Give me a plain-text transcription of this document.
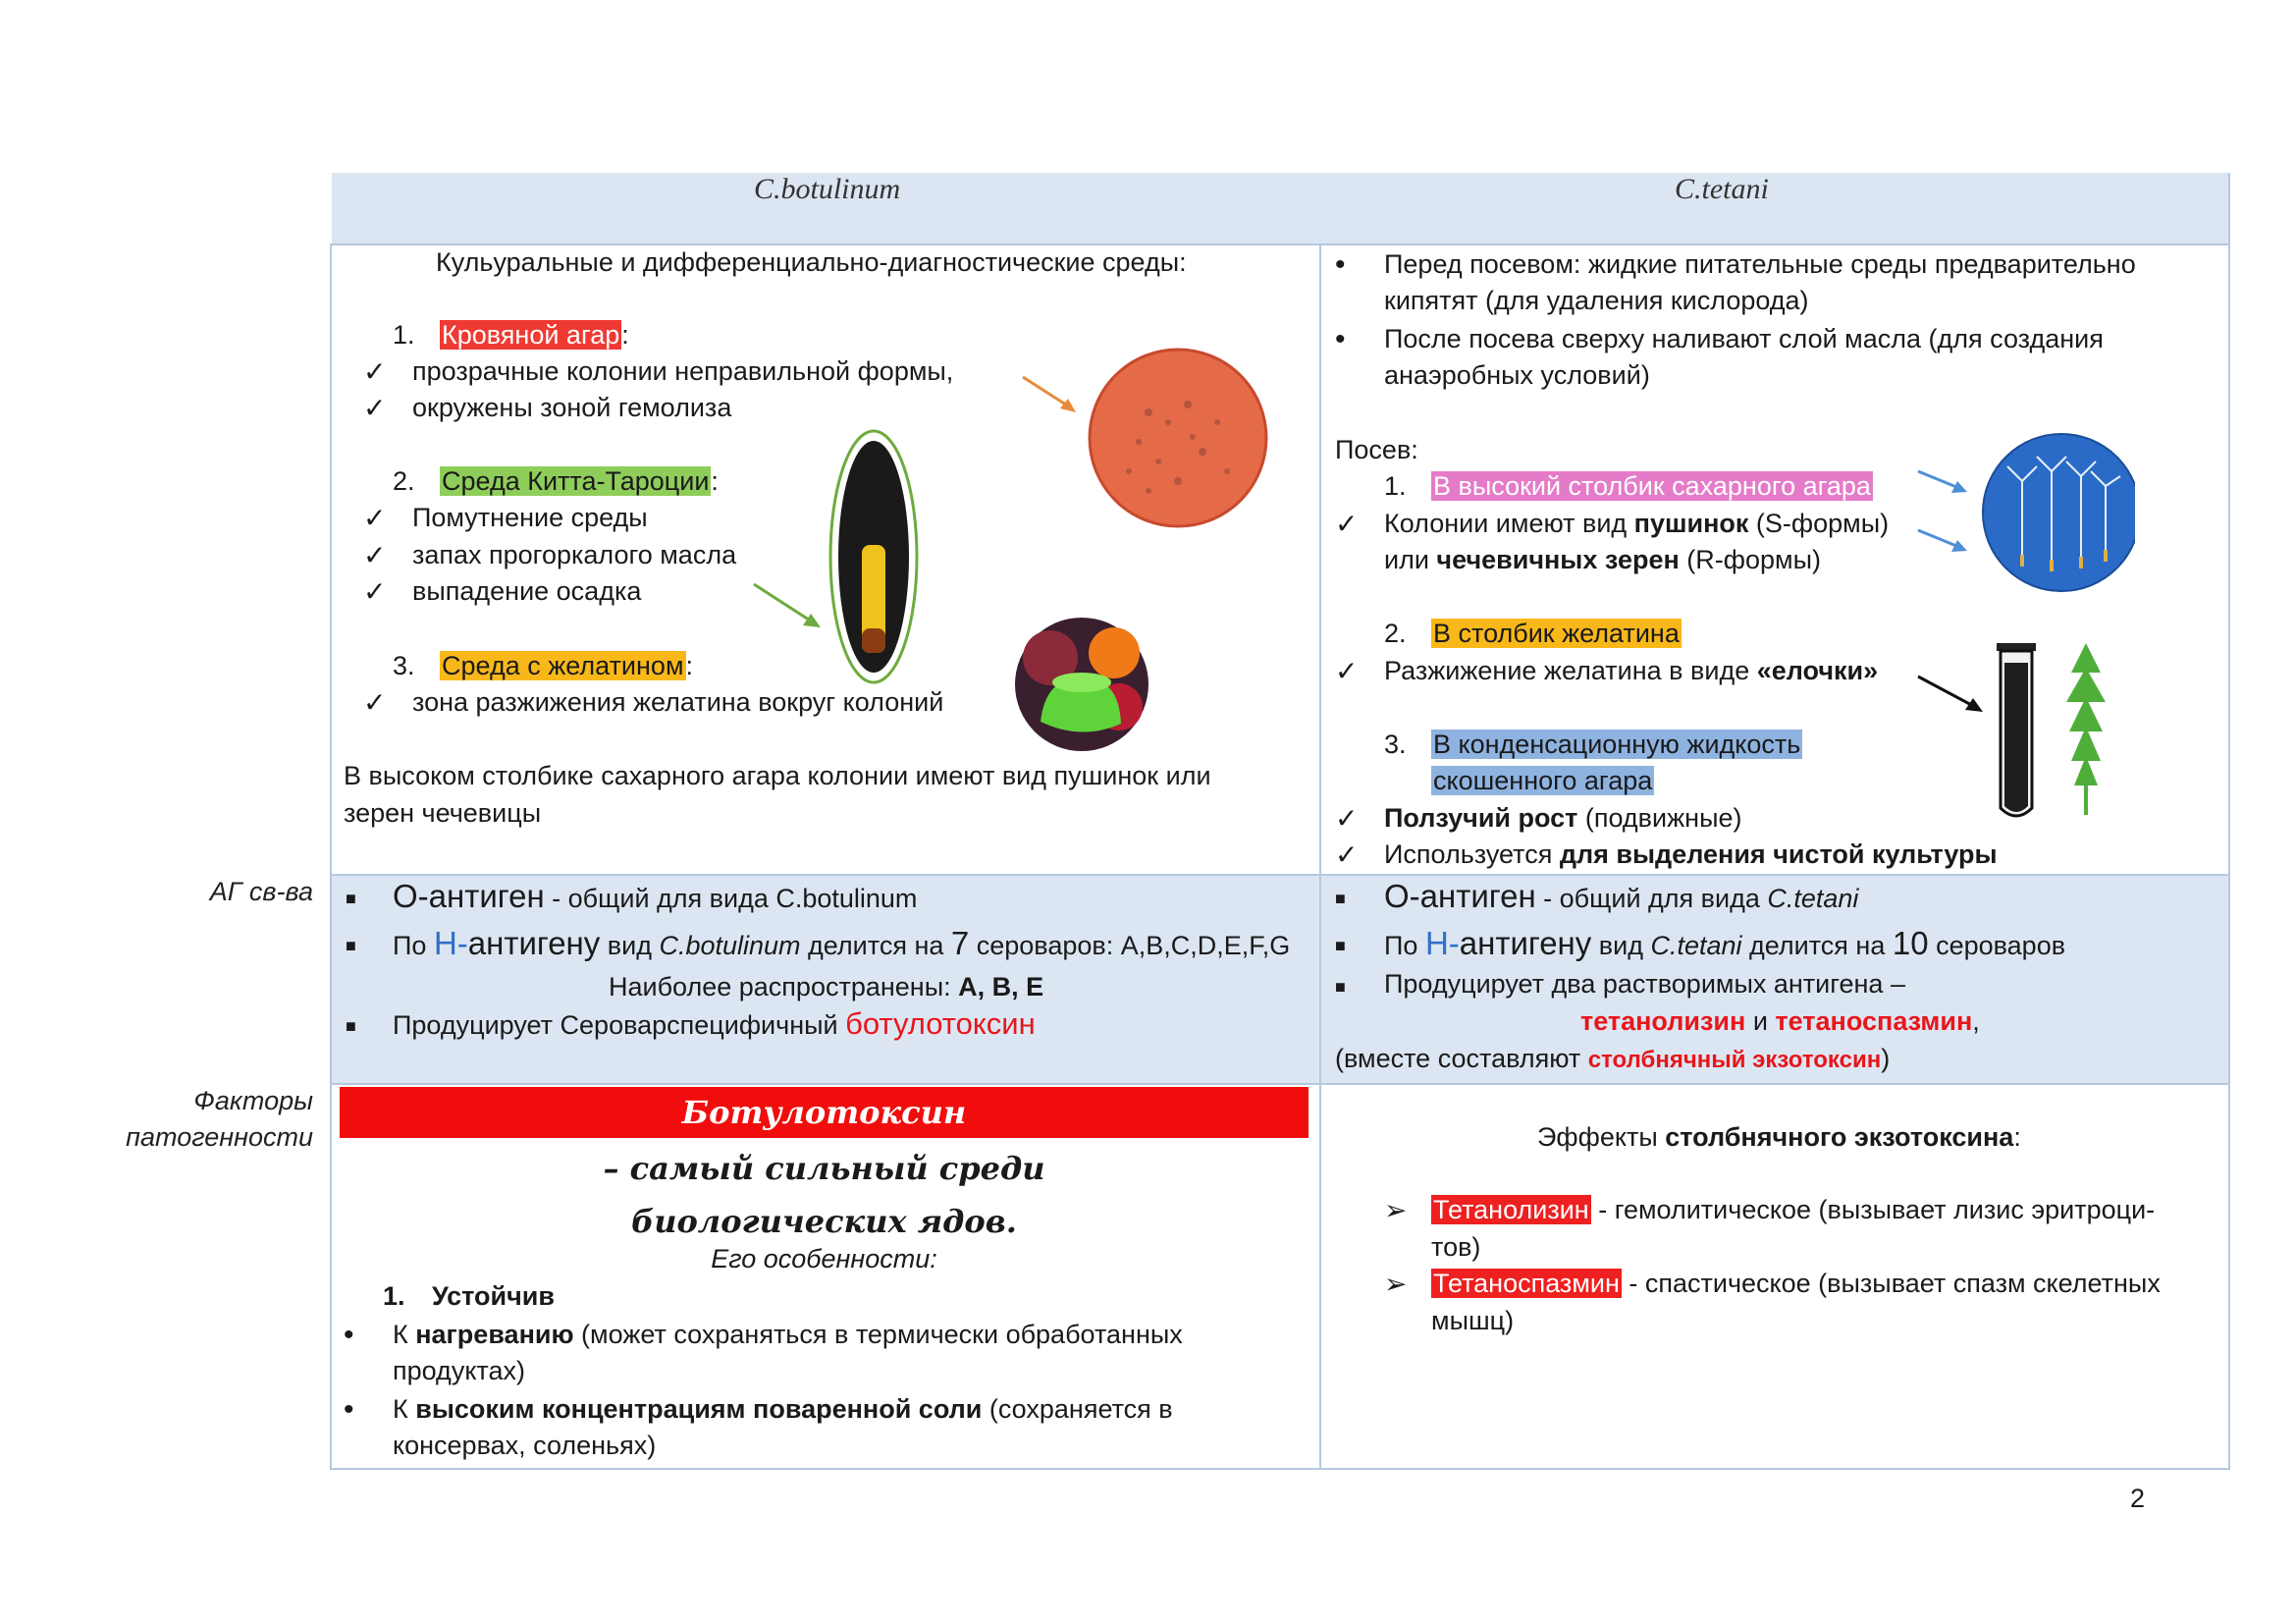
C.botulinum	C.tetani
АГ св-ва
Факторы
патогенности
Кульуральные и дифференциально-диагностические среды:
1. Кровяной агар:
✓ прозрачные колонии неправильной формы,
✓ окружены зоной гемолиза
2. Среда Китта-Тароции:
✓ Помутнение среды
✓ запах прогоркалого масла
✓ выпадение осадка
3. Среда с желатином:
✓ зона разжижения желатина вокруг колоний
В высоком столбике сахарного агара колонии имеют вид пушинок или
зерен чечевицы
• Перед посевом: жидкие питательные среды предварительно
кипятят (для удаления кислорода)
• После посева сверху наливают слой масла (для создания
анаэробных условий)
Посев:
1. В высокий столбик сахарного агара
✓ Колонии имеют вид пушинок (S-формы)
или чечевичных зерен (R-формы)
2. В столбик желатина
✓ Разжижение желатина в виде «елочки»
3. В конденсационную жидкость
скошенного агара
✓ Ползучий рост (подвижные)
✓ Используется для выделения чистой культуры
■ О-антиген - общий для вида C.botulinum
■ По Н-антигену вид C.botulinum делится на 7 сероваров: A,B,C,D,E,F,G
Наиболее распространены: A, B, E
■ Продуцирует Сероварспецифичный ботулотоксин
■ О-антиген - общий для вида C.tetani
■ По Н-антигену вид C.tetani делится на 10 сероваров
■ Продуцирует два растворимых антигена –
тетанолизин и тетаноспазмин,
(вместе составляют столбнячный экзотоксин)
Ботулотоксин
– самый сильный среди
биологических ядов.
Его особенности:
1. Устойчив
• К нагреванию (может сохраняться в термически обработанных
продуктах)
• К высоким концентрациям поваренной соли (сохраняется в
консервах, соленьях)
Эффекты столбнячного экзотоксина:
➢ Тетанолизин - гемолитическое (вызывает лизис эритроци-
тов)
➢ Тетаноспазмин - спастическое (вызывает спазм скелетных
мышц)
2
